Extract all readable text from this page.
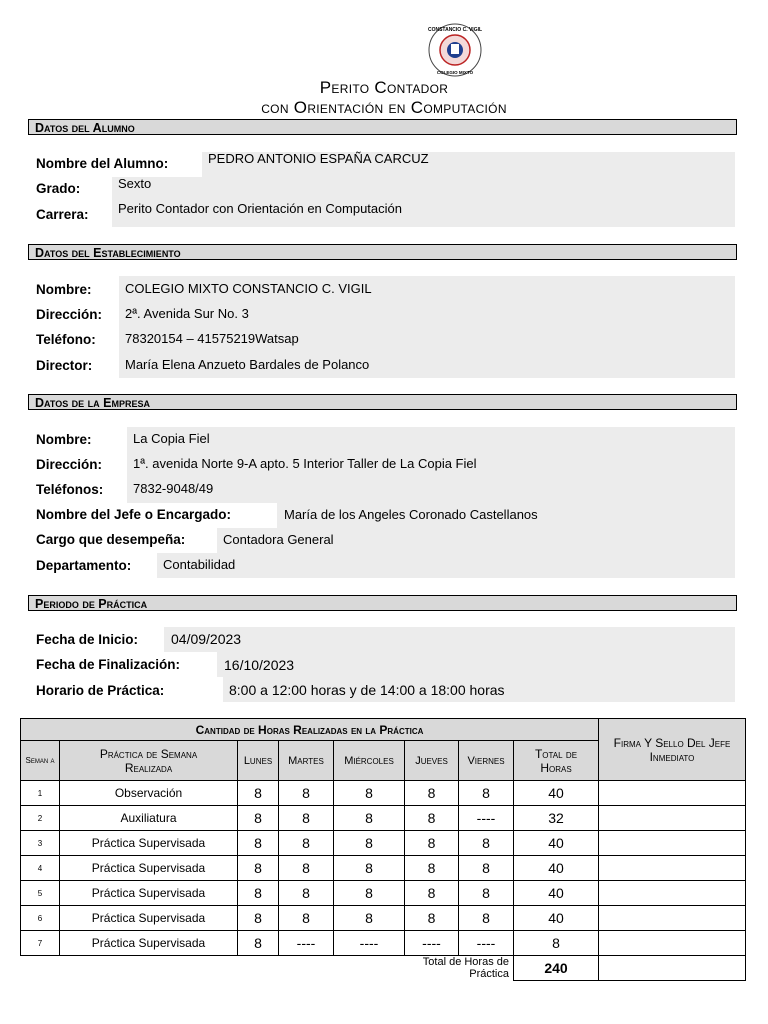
CONSTANCIO C. VIGIL
COLEGIO MIXTO
Perito Contador
con Orientación en Computación
Datos del Alumno
Nombre del Alumno:	PEDRO ANTONIO ESPAÑA CARCUZ
Grado:	Sexto
Carrera: Perito Contador con Orientación en Computación
Datos del Establecimiento
Nombre:	COLEGIO MIXTO CONSTANCIO C. VIGIL
Dirección: 2ª. Avenida Sur No. 3
Teléfono: 78320154 – 41575219Watsap
Director:	María Elena Anzueto Bardales de Polanco
Datos de la Empresa
Nombre:	La Copia Fiel
Dirección: 1ª. avenida Norte 9-A apto. 5 Interior Taller de La Copia Fiel
Teléfonos: 7832-9048/49
Nombre del Jefe o Encargado:	María de los Angeles Coronado Castellanos
Cargo que desempeña:	Contadora General
Departamento: Contabilidad
Periodo de Práctica
Fecha de Inicio: 04/09/2023
Fecha de Finalización:	16/10/2023
Horario de Práctica:	8:00 a 12:00 horas y de 14:00 a 18:00 horas
Cantidad de Horas Realizadas en la Práctica								Firma Y Sello Del Jefe Inmediato
Seman a	Práctica de Semana Realizada	Lunes	Martes	Miércoles	Jueves	Viernes	Total de Horas	
1	Observación	8	8	8	8	8	40	
2	Auxiliatura	8	8	8	8	----	32	
3	Práctica Supervisada	8	8	8	8	8	40	
4	Práctica Supervisada	8	8	8	8	8	40	
5	Práctica Supervisada	8	8	8	8	8	40	
6	Práctica Supervisada	8	8	8	8	8	40	
7	Práctica Supervisada	8	----	----	----	----	8	
Total de Horas de Práctica							240	
